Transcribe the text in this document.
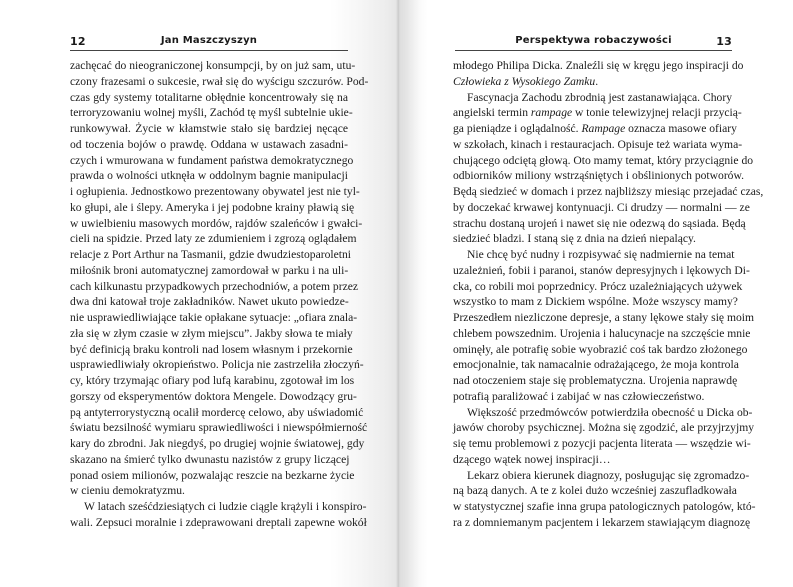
12	Jan Maszczyszyn
zachęcać do nieograniczonej konsumpcji, by on już sam, utu-
czony frazesami o sukcesie, rwał się do wyścigu szczurów. Pod-
czas gdy systemy totalitarne obłędnie koncentrowały się na
terroryzowaniu wolnej myśli, Zachód tę myśl subtelnie ukie-
runkowywał. Życie w kłamstwie stało się bardziej nęcące
od toczenia bojów o prawdę. Oddana w ustawach zasadni-
czych i wmurowana w fundament państwa demokratycznego
prawda o wolności utknęła w oddolnym bagnie manipulacji
i ogłupienia. Jednostkowo prezentowany obywatel jest nie tyl-
ko głupi, ale i ślepy. Ameryka i jej podobne krainy pławią się
w uwielbieniu masowych mordów, rajdów szaleńców i gwałci-
cieli na spidzie. Przed laty ze zdumieniem i zgrozą oglądałem
relacje z Port Arthur na Tasmanii, gdzie dwudziestoparoletni
miłośnik broni automatycznej zamordował w parku i na uli-
cach kilkunastu przypadkowych przechodniów, a potem przez
dwa dni katował troje zakładników. Nawet ukuto powiedze-
nie usprawiedliwiające takie opłakane sytuacje: „ofiara znala-
zła się w złym czasie w złym miejscu”. Jakby słowa te miały
być definicją braku kontroli nad losem własnym i przekornie
usprawiedliwiały okropieństwo. Policja nie zastrzeliła złoczyń-
cy, który trzymając ofiary pod lufą karabinu, zgotował im los
gorszy od eksperymentów doktora Mengele. Dowodzący gru-
pą antyterrorystyczną ocalił mordercę celowo, aby uświadomić
światu bezsilność wymiaru sprawiedliwości i niewspółmierność
kary do zbrodni. Jak niegdyś, po drugiej wojnie światowej, gdy
skazano na śmierć tylko dwunastu nazistów z grupy liczącej
ponad osiem milionów, pozwalając reszcie na bezkarne życie
w cieniu demokratyzmu.
W latach sześćdziesiątych ci ludzie ciągle krążyli i konspiro-
wali. Zepsuci moralnie i zdeprawowani dreptali zapewne wokół
Perspektywa robaczywości	13
młodego Philipa Dicka. Znaleźli się w kręgu jego inspiracji do
Człowieka z Wysokiego Zamku.
Fascynacja Zachodu zbrodnią jest zastanawiająca. Chory
angielski termin rampage w tonie telewizyjnej relacji przycią-
ga pieniądze i oglądalność. Rampage oznacza masowe ofiary
w szkołach, kinach i restauracjach. Opisuje też wariata wyma-
chującego odciętą głową. Oto mamy temat, który przyciągnie do
odbiorników miliony wstrząśniętych i obślinionych potworów.
Będą siedzieć w domach i przez najbliższy miesiąc przejadać czas,
by doczekać krwawej kontynuacji. Ci drudzy — normalni — ze
strachu dostaną urojeń i nawet się nie odezwą do sąsiada. Będą
siedzieć bladzi. I staną się z dnia na dzień niepalący.
Nie chcę być nudny i rozpisywać się nadmiernie na temat
uzależnień, fobii i paranoi, stanów depresyjnych i lękowych Di-
cka, co robili moi poprzednicy. Prócz uzależniających używek
wszystko to mam z Dickiem wspólne. Może wszyscy mamy?
Przeszedłem niezliczone depresje, a stany lękowe stały się moim
chlebem powszednim. Urojenia i halucynacje na szczęście mnie
ominęły, ale potrafię sobie wyobrazić coś tak bardzo złożonego
emocjonalnie, tak namacalnie odrażającego, że moja kontrola
nad otoczeniem staje się problematyczna. Urojenia naprawdę
potrafią paraliżować i zabijać w nas człowieczeństwo.
Większość przedmówców potwierdziła obecność u Dicka ob-
jawów choroby psychicznej. Można się zgodzić, ale przyjrzyjmy
się temu problemowi z pozycji pacjenta literata — wszędzie wi-
dzącego wątek nowej inspiracji…
Lekarz obiera kierunek diagnozy, posługując się zgromadzo-
ną bazą danych. A te z kolei dużo wcześniej zaszufladkowała
w statystycznej szafie inna grupa patologicznych patologów, któ-
ra z domniemanym pacjentem i lekarzem stawiającym diagnozę
